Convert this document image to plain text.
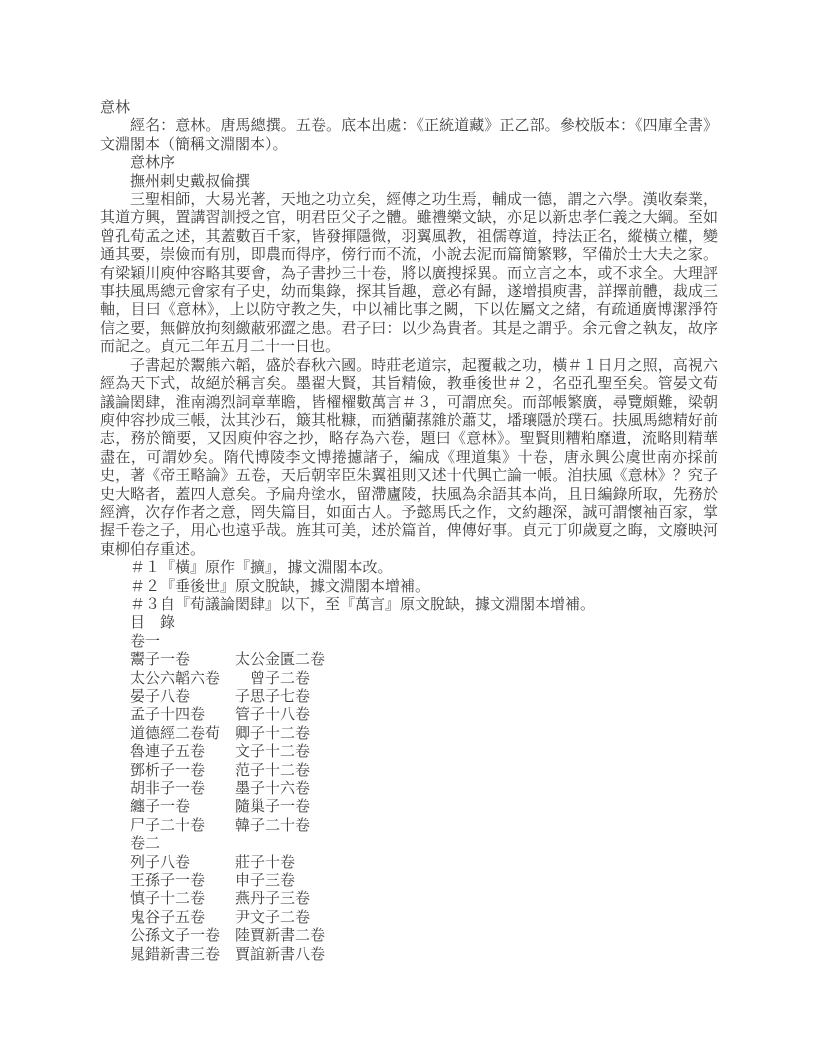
意林

經名：意林。唐馬總撰。五卷。底本出處：《正統道藏》正乙部。參校版本：《四庫全書》文淵閣本（簡稱文淵閣本）。

意林序
撫州刺史戴叔倫撰

三聖相師，大易光著，天地之功立矣，經傳之功生焉，輔成一德，謂之六學。漢收秦業，其道方興，置講習訓授之官，明君臣父子之體。雖禮樂文缺，亦足以新忠孝仁義之大綱。至如曾孔荀孟之述，其蓋數百千家，皆發揮隱微，羽翼風教，祖儒尊道，持法正名，縱橫立權，變通其要，崇儉而有別，即農而得序，傍行而不流，小說去泥而篇簡繁夥，罕備於士大夫之家。有梁穎川庾仲容略其要會，為子書抄三十卷，將以廣搜採異。而立言之本，或不求全。大理評事扶風馬總元會家有子史，幼而集錄，探其旨趣，意必有歸，遂增損庾書，詳擇前體，裁成三軸，目曰《意林》，上以防守教之失，中以補比事之闕，下以佐屬文之緒，有疏通廣博潔淨符信之要，無僻放拘刻繳蔽邪澀之患。君子曰：以少為貴者。其是之謂乎。余元會之執友，故序而記之。貞元二年五月二十一日也。

子書起於鬻熊六韜，盛於春秋六國。時莊老道宗，起覆載之功，橫＃１日月之照，高視六經為天下式，故絕於稱言矣。墨翟大賢，其旨精儉，教垂後世＃２，名亞孔聖至矣。管晏文荀議論閎肆，淮南鴻烈詞章華瞻，皆櫂櫂數萬言＃３，可謂庶矣。而部帳繁廣，尋覽頗難，梁朝庾仲容抄成三帳，汰其沙石，簸其枇糠，而猶蘭蓀雜於蕭艾，墦瓖隱於璞石。扶風馬總精好前志，務於簡要，又因庾仲容之抄，略存為六卷，題曰《意林》。聖賢則糟粕靡遺，流略則精華盡在，可謂妙矣。隋代博陵李文博捲攄諸子，編成《理道集》十卷，唐永興公虞世南亦採前史，著《帝王略論》五卷，天后朝宰臣朱翼祖則又述十代興亡論一帳。洎扶風《意林》？究子史大略者，蓋四人意矣。予扁舟塗水，留滯廬陵，扶風為余語其本尚，且日編錄所取，先務於經濟，次存作者之意，罔失篇目，如面古人。予懿馬氏之作，文約趣深，誠可謂懷袖百家，掌握千卷之子，用心也遠乎哉。旌其可美，述於篇首，俾傳好事。貞元丁卯歲夏之晦，文廢映河東柳伯存重述。

＃１『橫』原作『擴』，據文淵閣本改。
＃２『垂後世』原文脫缺，據文淵閣本增補。
＃３自『荀議論閎肆』以下，至『萬言』原文脫缺，據文淵閣本增補。
目　錄
卷一
鬻子一卷　　　太公金匱二卷
太公六韜六卷　　曾子二卷
晏子八卷　　　子思子七卷
孟子十四卷　　管子十八卷
道德經二卷荀　卿子十二卷
魯連子五卷　　文子十二卷
鄧析子一卷　　范子十二卷
胡非子一卷　　墨子十六卷
纏子一卷　　　隨巢子一卷
尸子二十卷　　韓子二十卷
卷二
列子八卷　　　莊子十卷
王孫子一卷　　申子三卷
慎子十二卷　　燕丹子三卷
鬼谷子五卷　　尹文子二卷
公孫文子一卷　陸賈新書二卷
晁錯新書三卷　賈誼新書八卷
